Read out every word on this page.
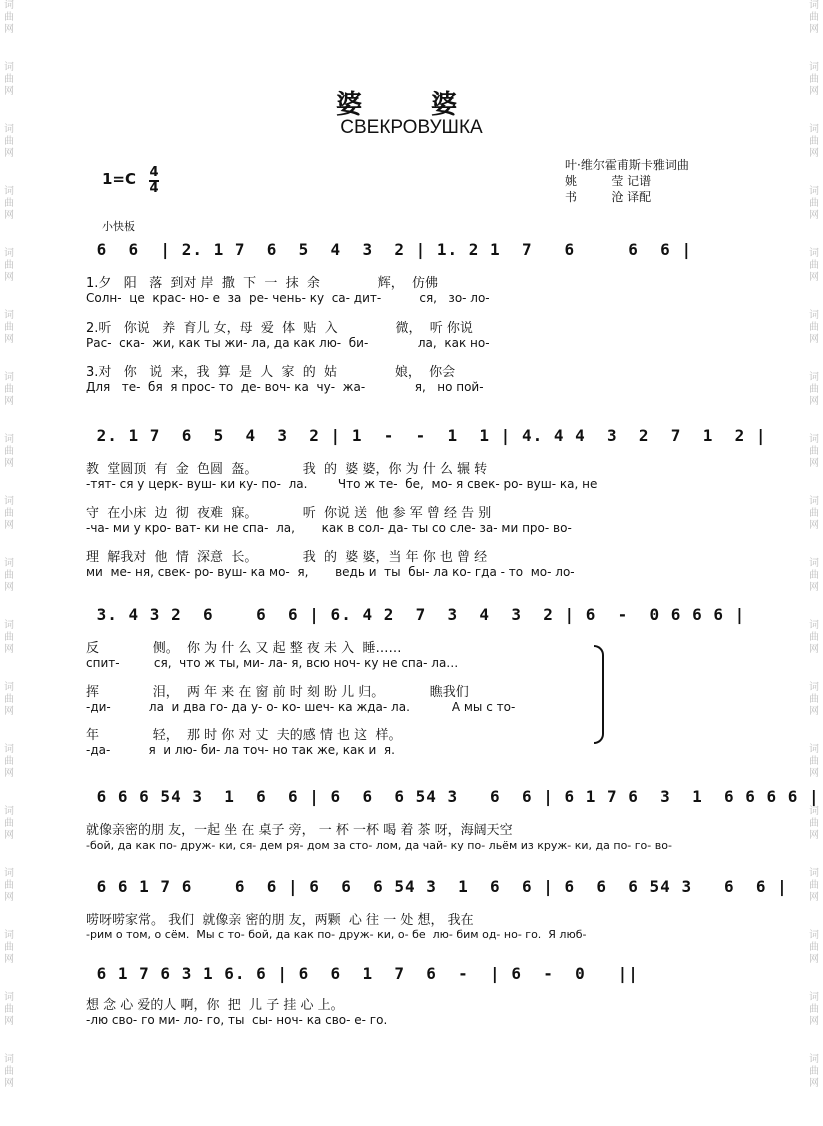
词曲网
词曲网
词曲网
词曲网
词曲网
词曲网
词曲网
词曲网
词曲网
词曲网
词曲网
词曲网
词曲网
词曲网
词曲网
词曲网
词曲网
词曲网
词曲网
词曲网
词曲网
词曲网
词曲网
词曲网
词曲网
词曲网
词曲网
词曲网
词曲网
词曲网
词曲网
词曲网
词曲网
词曲网
词曲网
词曲网
婆 婆
СВЕКРОВУШКА
叶·维尔霍甫斯卡雅词曲
姚         莹 记谱
书         沧 译配
1=C 4
4
小快板
6  6  | 2. 1 7  6  5  4  3  2 | 1. 2 1  7   6     6  6 |
1.夕   阳   落  到对 岸  撒  下  一  抹  余              辉，  仿佛
Солн-  це  крас- но- е  за  ре- чень- ку  са- дит-          ся,   зо- ло-
2.听   你说   养  育儿 女，母  爱  体  贴  入              微，  听 你说
Рас-  ска-  жи, как ты жи- ла, да как лю-  би-             ла,  как но-
3.对   你   说  来，我  算  是  人  家  的  姑              娘，  你会
Для   те-  бя  я прос- то  де- воч- ка  чу-  жа-             я,   но пой-
2. 1 7  6  5  4  3  2 | 1  -  -  1  1 | 4. 4 4  3  2  7  1  2 |
教  堂圆顶  有  金  色圆  盔。           我  的  婆 婆，你 为 什 么 辗 转
-тят- ся у церк- вуш- ки ку- по-  ла.        Что ж те-  бе,  мо- я свек- ро- вуш- ка, не
守  在小床  边  彻  夜难  寐。           听  你说 送  他 参 军 曾 经 告 别
-ча- ми у кро- ват- ки не спа-  ла,       как в сол- да- ты со сле- за- ми про- во-
理  解我对  他  情  深意  长。           我  的  婆 婆，当 年 你 也 曾 经
ми  ме- ня, свек- ро- вуш- ка мо-  я,       ведь и  ты  бы- ла ко- гда - то  мо- ло-
3. 4 3 2  6    6  6 | 6. 4 2  7  3  4  3  2 | 6  -  0 6 6 6 |
反             侧。  你 为 什 么 又 起 整 夜 未 入  睡……
спит-         ся,  что ж ты, ми- ла- я, всю ноч- ку не спа- ла…
挥             泪，  两 年 来 在 窗 前 时 刻 盼 儿 归。           瞧我们
-ди-          ла  и два го- да у- о- ко- шеч- ка жда- ла.           А мы с то-
年             轻，  那 时 你 对 丈  夫的感 情 也 这  样。
-да-          я  и лю- би- ла точ- но так же, как и  я.
6 6 6 54 3  1  6  6 | 6  6  6 54 3   6  6 | 6 1 7 6  3  1  6 6 6 6 |
就像亲密的朋 友，一起 坐 在 桌子 旁， 一 杯 一杯 喝 着 茶 呀，海阔天空
-бой, да как по- друж- ки, ся- дем ря- дом за сто- лом, да чай- ку по- льём из круж- ки, да по- го- во-
6 6 1 7 6    6  6 | 6  6  6 54 3  1  6  6 | 6  6  6 54 3   6  6 |
唠呀唠家常。 我们  就像亲 密的朋 友，两颗  心 往 一 处 想， 我在
-рим о том, о сём.  Мы с то- бой, да как по- друж- ки, о- бе  лю- бим од- но- го.  Я люб-
6 1 7 6 3 1 6. 6 | 6  6  1  7  6  -  | 6  -  0   ||
想 念 心 爱的人 啊，你  把  儿 子 挂 心 上。
-лю сво- го ми- ло- го, ты  сы- ноч- ка сво- е- го.
